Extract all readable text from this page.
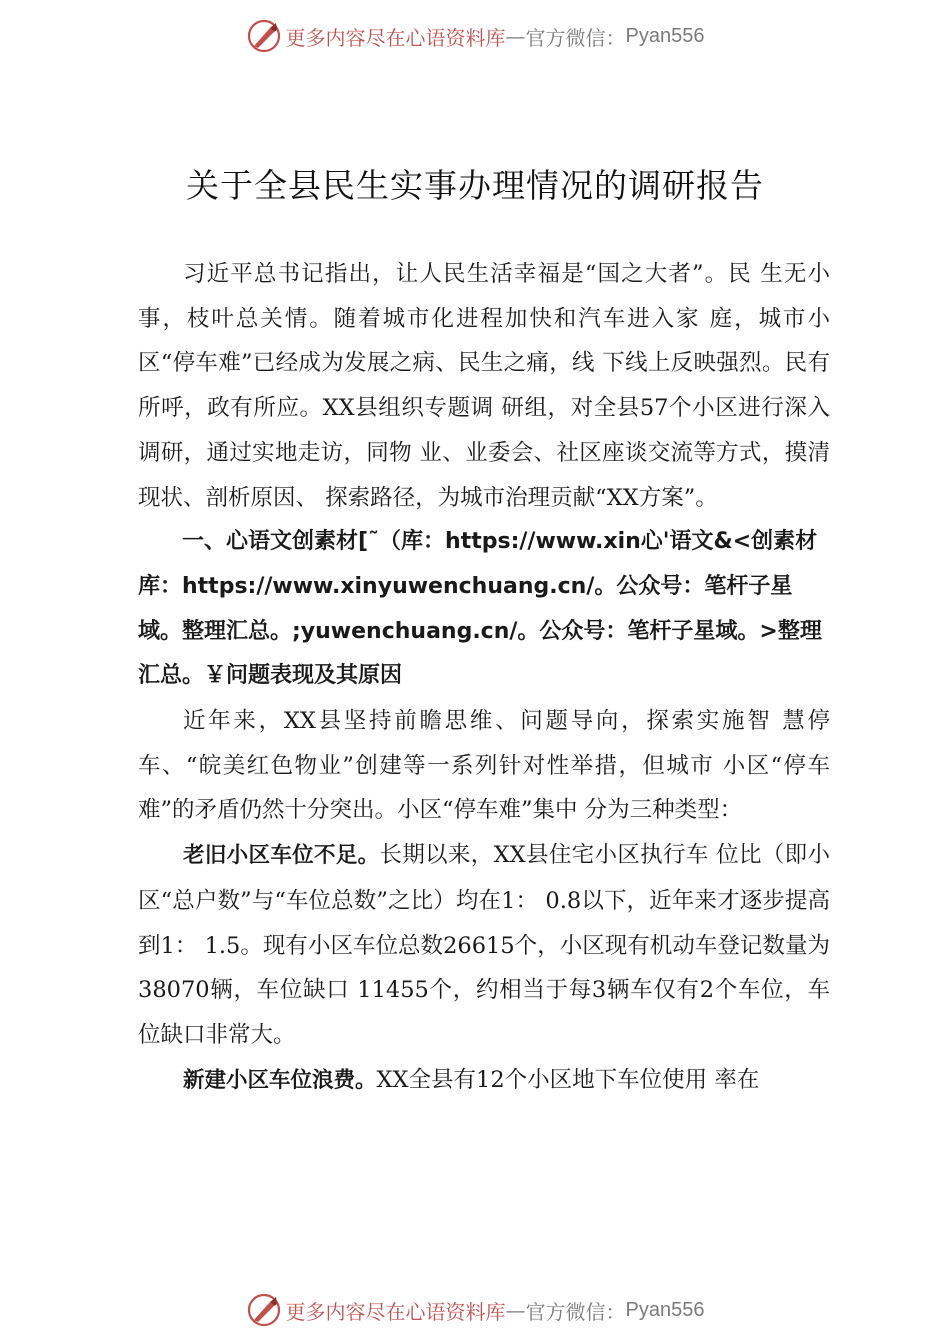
更多内容尽在心语资料库 — 官方微信： Pyan556
关于全县民生实事办理情况的调研报告

习近平总书记指出，让人民生活幸福是“国之大者”。民 生无小事，枝叶总关情。随着城市化进程加快和汽车进入家 庭，城市小区“停车难”已经成为发展之病、民生之痛，线 下线上反映强烈。民有所呼，政有所应。XX县组织专题调 研组，对全县57个小区进行深入调研，通过实地走访，同物 业、业委会、社区座谈交流等方式，摸清现状、剖析原因、 探索路径，为城市治理贡献“XX方案”。

一、心语文创素材[˜（库：https://www.xin心'语文&<创素材库：https://www.xinyuwenchuang.cn/。公众号：笔杆子星域。整理汇总。;yuwenchuang.cn/。公众号：笔杆子星域。>整理汇总。￥问题表现及其原因

近年来，XX县坚持前瞻思维、问题导向，探索实施智 慧停车、“皖美红色物业”创建等一系列针对性举措，但城市 小区“停车难”的矛盾仍然十分突出。小区“停车难”集中 分为三种类型：

老旧小区车位不足。长期以来，XX县住宅小区执行车 位比（即小区“总户数”与“车位总数”之比）均在1： 0.8以下，近年来才逐步提高到1： 1.5。现有小区车位总数26615个，小区现有机动车登记数量为38070辆，车位缺口 11455个，约相当于每3辆车仅有2个车位，车位缺口非常大。

新建小区车位浪费。XX全县有12个小区地下车位使用 率在

更多内容尽在心语资料库 — 官方微信： Pyan556
